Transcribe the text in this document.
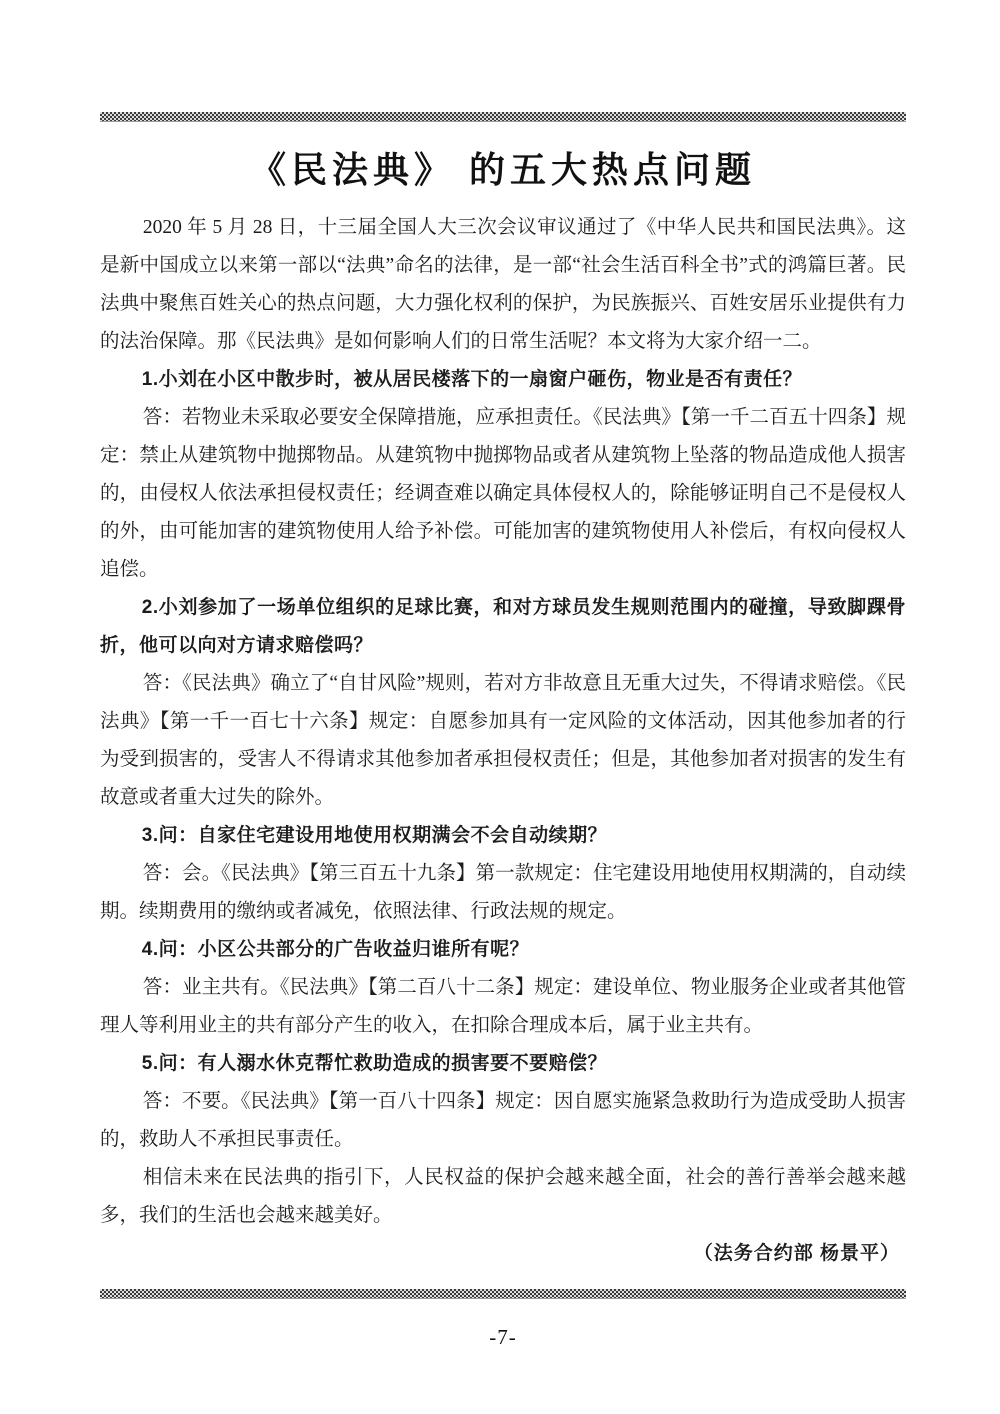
《民法典》 的五大热点问题

2020 年 5 月 28 日，十三届全国人大三次会议审议通过了《中华人民共和国民法典》。这是新中国成立以来第一部以“法典”命名的法律，是一部“社会生活百科全书”式的鸿篇巨著。民法典中聚焦百姓关心的热点问题，大力强化权利的保护，为民族振兴、百姓安居乐业提供有力的法治保障。那《民法典》是如何影响人们的日常生活呢？本文将为大家介绍一二。

1.小刘在小区中散步时，被从居民楼落下的一扇窗户砸伤，物业是否有责任？

答：若物业未采取必要安全保障措施，应承担责任。《民法典》【第一千二百五十四条】规定：禁止从建筑物中抛掷物品。从建筑物中抛掷物品或者从建筑物上坠落的物品造成他人损害的，由侵权人依法承担侵权责任；经调查难以确定具体侵权人的，除能够证明自己不是侵权人的外，由可能加害的建筑物使用人给予补偿。可能加害的建筑物使用人补偿后，有权向侵权人追偿。

2.小刘参加了一场单位组织的足球比赛，和对方球员发生规则范围内的碰撞，导致脚踝骨折，他可以向对方请求赔偿吗？

答：《民法典》确立了“自甘风险”规则，若对方非故意且无重大过失，不得请求赔偿。《民法典》【第一千一百七十六条】规定：自愿参加具有一定风险的文体活动，因其他参加者的行为受到损害的，受害人不得请求其他参加者承担侵权责任；但是，其他参加者对损害的发生有故意或者重大过失的除外。

3.问：自家住宅建设用地使用权期满会不会自动续期？

答：会。《民法典》【第三百五十九条】第一款规定：住宅建设用地使用权期满的，自动续期。续期费用的缴纳或者减免，依照法律、行政法规的规定。

4.问：小区公共部分的广告收益归谁所有呢？

答：业主共有。《民法典》【第二百八十二条】规定：建设单位、物业服务企业或者其他管理人等利用业主的共有部分产生的收入，在扣除合理成本后，属于业主共有。

5.问：有人溺水休克帮忙救助造成的损害要不要赔偿？

答：不要。《民法典》【第一百八十四条】规定：因自愿实施紧急救助行为造成受助人损害的，救助人不承担民事责任。

相信未来在民法典的指引下，人民权益的保护会越来越全面，社会的善行善举会越来越多，我们的生活也会越来越美好。

（法务合约部 杨景平）

-7-
